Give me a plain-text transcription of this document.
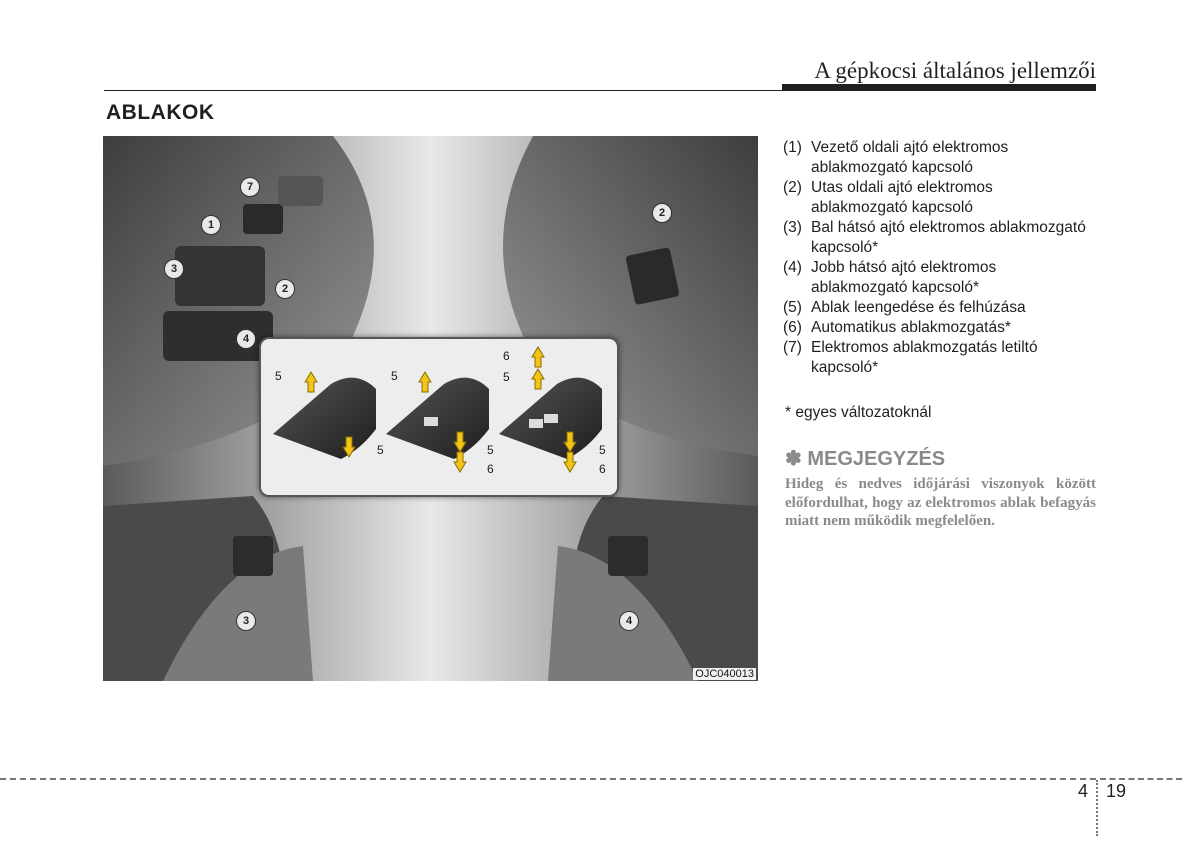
A gépkocsi általános jellemzői
ABLAKOK
7
1
3
2
4
2
3	4
5
5
5
5
6
6
5
5
6
OJC040013
(1) Vezető oldali ajtó elektromos ablakmozgató kapcsoló
(2) Utas oldali ajtó elektromos ablakmozgató kapcsoló
(3) Bal hátsó ajtó elektromos ablakmozgató kapcsoló*
(4) Jobb hátsó ajtó elektromos ablakmozgató kapcsoló*
(5) Ablak leengedése és felhúzása
(6) Automatikus ablakmozgatás*
(7) Elektromos ablakmozgatás letiltó kapcsoló*
* egyes változatoknál
✽ MEGJEGYZÉS
Hideg és nedves időjárási viszonyok között előfordulhat, hogy az elektromos ablak befagyás miatt nem működik megfelelően.
4 19
